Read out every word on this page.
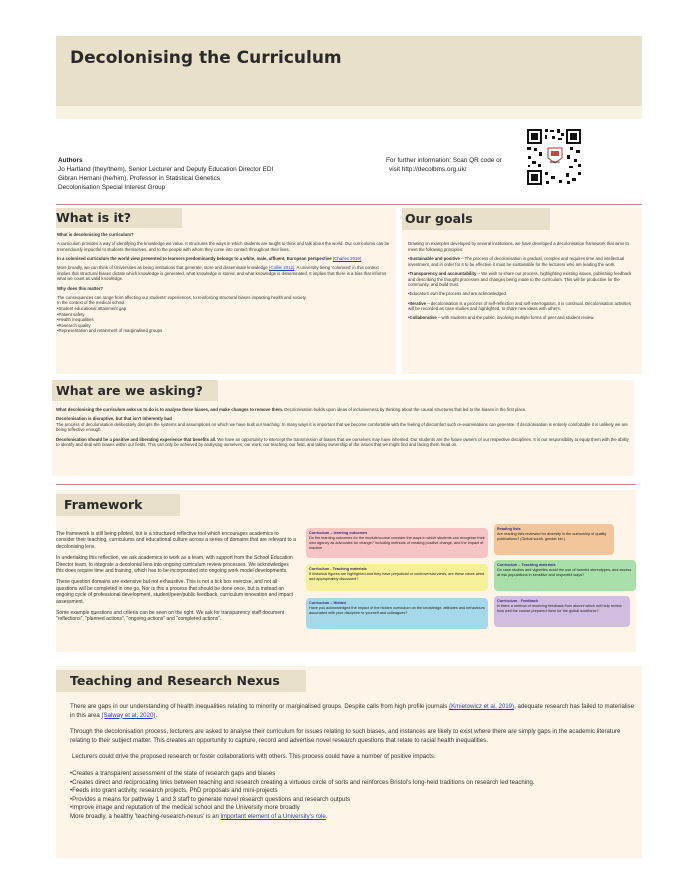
Decolonising the Curriculum
Authors
Jo Hartland (they/them), Senior Lecturer and Deputy Education Director EDI
Gibran Hemani (he/him), Professor in Statistical Genetics
Decolonisation Special Interest Group
For further information: Scan QR code or
visit http://decolbms.org.uk/
BRISTOL
What is it?

What is decolonising the curriculum?

A curriculum provides a way of identifying the knowledge we value. It structures the ways in which students are taught to think and talk about the world. Our curriculums can be tremendously impactful to students themselves, and to the people with whom they come into contact throughout their lives.

In a colonised curriculum the world view presented to learners predominantly belongs to a white, male, affluent, European perspective (Charles 2019)

More broadly, we can think of Universities as being institutions that generate, store and disseminate knowledge (Collini 2012). A university being 'colonised' in this context implies that structural biases dictate which knowledge is generated, what knowledge is stored, and what knowledge is disseminated. It implies that there is a bias that informs what we count as valid knowledge.

Why does this matter?

The consequences can range from affecting our students' experiences, to reinforcing structural biases impacting health and society.
In the context of the medical school:
•Student educational attainment gap
•Patient safety
•Health inequalities
•Research quality
•Representation and retainment of marginalised groups
Our goals

Drawing on examples developed by several institutions, we have developed a decolonisation framework that aims to meet the following principles:

•Sustainable and positive – The process of decolonisation is gradual, complex and requires time and intellectual investment, and in order for it to be effective it must be sustainable for the lecturers who are leading the work.

•Transparency and accountability – We wish to share our process, highlighting existing issues, publishing feedback and describing the thought processes and changes being made to the curriculum. This will be productive for the community, and build trust.

•Educators own the process and are acknowledged.

•Iterative – decolonisation is a process of self-reflection and self-interrogation, it is continual. Decolonisation activities will be recorded as case studies and highlighted, to share new ideas with others.

•Collaborative – with students and the public, involving multiple forms of peer and student review.

What are we asking?

What decolonising the curriculum asks us to do is to analyse these biases, and make changes to remove them. Decolonisation builds upon ideas of inclusiveness by thinking about the causal structures that led to the biases in the first place.

Decolonisation is disruptive, but that isn't inherently bad

The process of decolonisation deliberately disrupts the systems and assumptions on which we have built our teaching. In many ways it is important that we become comfortable with the feeling of discomfort such re-examinations can generate. If decolonisation is entirely comfortable it is unlikely we are being reflective enough.

Decolonisation should be a positive and liberating experience that benefits all. We have an opportunity to intercept the transmission of biases that we ourselves may have inherited. Our students are the future owners of our respective disciplines. It is our responsibility to equip them with the ability to identify and deal with biases within our fields. This can only be achieved by analysing ourselves, our work, our teaching, our field, and taking ownership of the issues that we might find and facing them head on.

Framework

The framework is still being piloted, but is a structured reflective tool which encourages academics to consider their teaching, curriculums and educational culture across a series of domains that are relevant to a decolonising lens.

In undertaking this reflection, we ask academics to work as a team, with support from the School Education Director team, to integrate a decolonial lens into ongoing curriculum review processes. We acknowledges this does require time and training, which has to be incorporated into ongoing work model developments.

These question domains are extensive but not exhaustive. This is not a tick box exercise, and not all questions will be completed in one go. Nor is this a process that should be done once, but is instead an ongoing cycle of professional development, student/peer/public feedback, curriculum innovation and impact assessment.

Some example questions and criteria can be seen on the right. We ask for transparency staff document "reflections", "planned actions", "ongoing actions" and "completed actions".

Curriculum – learning outcomes
Do the learning outcomes for the module/course consider the ways in which students can recognise their own agency as advocates for change? Including methods of creating positive change, and the impact of inaction
Reading lists
Are reading lists reviewed for diversity in the authorship of quality publications? (Global south, gender etc.)
Curriculum - Teaching materials
If historical figures are highlighted and they have prejudicial or controversial views, are these views aired and appropriately discussed?
Curriculum – Teaching materials
Do case studies and vignettes avoid the use of harmful stereotypes, and assess at risk populations in sensitive and respectful ways?
Curriculum – Hidden
Have you acknowledged the impact of the hidden curriculum on the knowledge, attitudes and behaviours associated with your discipline to yourself and colleagues?
Curriculum - Feedback
Is there a method of receiving feedback from alumni which will help review how well the course prepared them for the global workforce?
Teaching and Research Nexus

There are gaps in our understanding of health inequalities relating to minority or marginalised groups. Despite calls from high profile journals (Kmietowicz et al, 2019), adequate research has failed to materialise in this area (Salway et al, 2020).

Through the decolonisation process, lecturers are asked to analyse their curriculum for issues relating to such biases, and instances are likely to exist where there are simply gaps in the academic literature relating to their subject matter. This creates an opportunity to capture, record and advertise novel research questions that relate to racial health inequalities.

Lecturers could drive the proposed research or foster collaborations with others. This process could have a number of positive impacts:

•Creates a transparent assessment of the state of research gaps and biases
•Creates direct and reciprocating links between teaching and research creating a virtuous circle of sorts and reinforces Bristol's long-held traditions on research led teaching.
•Feeds into grant activity, research projects, PhD proposals and mini-projects
•Provides a means for pathway 1 and 3 staff to generate novel research questions and research outputs
•Improve image and reputation of the medical school and the University more broadly
More broadly, a healthy 'teaching-research-nexus' is an important element of a University's role.
